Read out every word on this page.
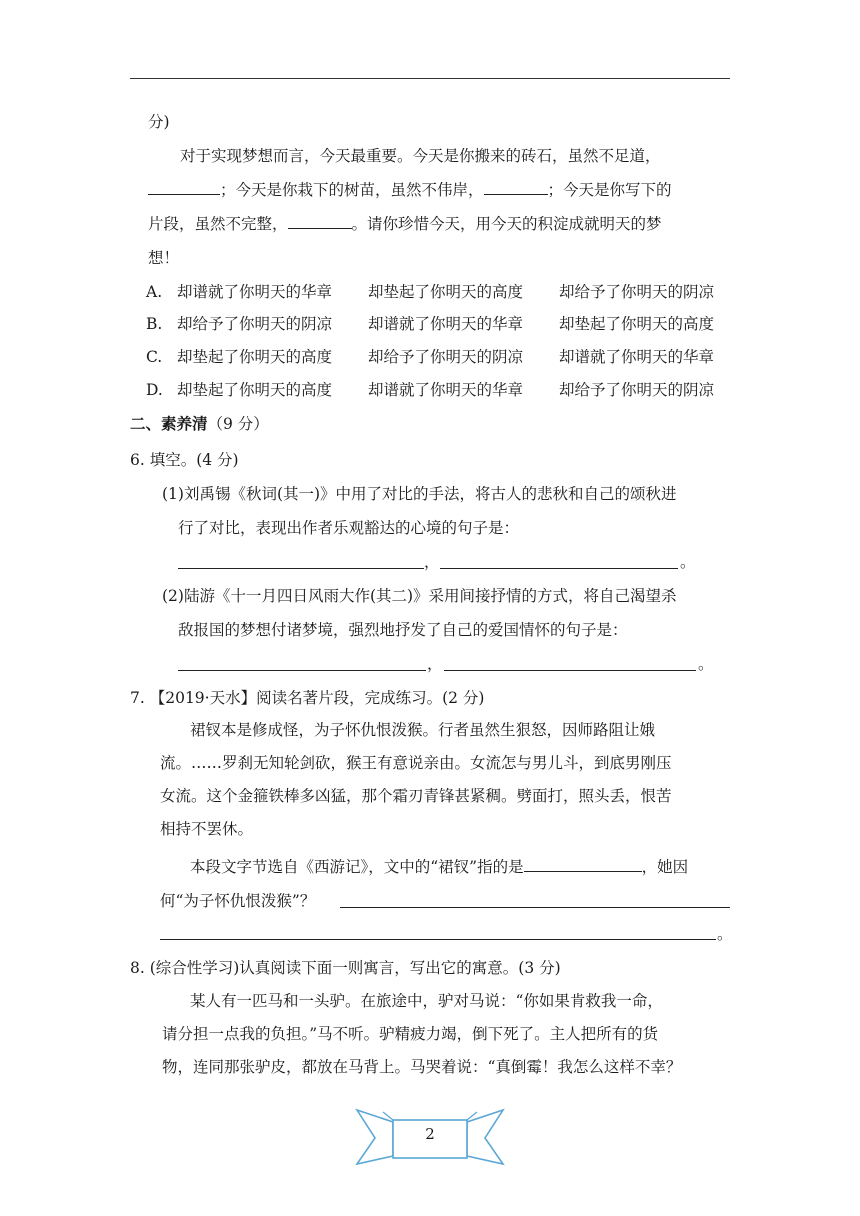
分)
对于实现梦想而言，今天最重要。今天是你搬来的砖石，虽然不足道，
；今天是你栽下的树苗，虽然不伟岸，	；今天是你写下的
片段，虽然不完整，	。请你珍惜今天，用今天的积淀成就明天的梦
想！
A. 却谱就了你明天的华章	却垫起了你明天的高度	却给予了你明天的阴凉
B. 却给予了你明天的阴凉	却谱就了你明天的华章	却垫起了你明天的高度
C. 却垫起了你明天的高度	却给予了你明天的阴凉	却谱就了你明天的华章
D. 却垫起了你明天的高度	却谱就了你明天的华章	却给予了你明天的阴凉
二、素养清（9 分）
6. 填空。(4 分)
(1)刘禹锡《秋词(其一)》中用了对比的手法，将古人的悲秋和自己的颂秋进
行了对比，表现出作者乐观豁达的心境的句子是：
，	。
(2)陆游《十一月四日风雨大作(其二)》采用间接抒情的方式，将自己渴望杀
敌报国的梦想付诸梦境，强烈地抒发了自己的爱国情怀的句子是：
，	。
7. 【2019·天水】阅读名著片段，完成练习。(2 分)
裙钗本是修成怪，为子怀仇恨泼猴。行者虽然生狠怒，因师路阻让娥
流。……罗刹无知轮剑砍，猴王有意说亲由。女流怎与男儿斗，到底男刚压
女流。这个金箍铁棒多凶猛，那个霜刃青锋甚紧稠。劈面打，照头丢，恨苦
相持不罢休。
本段文字节选自《西游记》，文中的“裙钗”指的是	，她因
何“为子怀仇恨泼猴”？
。
8. (综合性学习)认真阅读下面一则寓言，写出它的寓意。(3 分)
某人有一匹马和一头驴。在旅途中，驴对马说：“你如果肯救我一命，
请分担一点我的负担。”马不听。驴精疲力竭，倒下死了。主人把所有的货
物，连同那张驴皮，都放在马背上。马哭着说：“真倒霉！我怎么这样不幸？
2
